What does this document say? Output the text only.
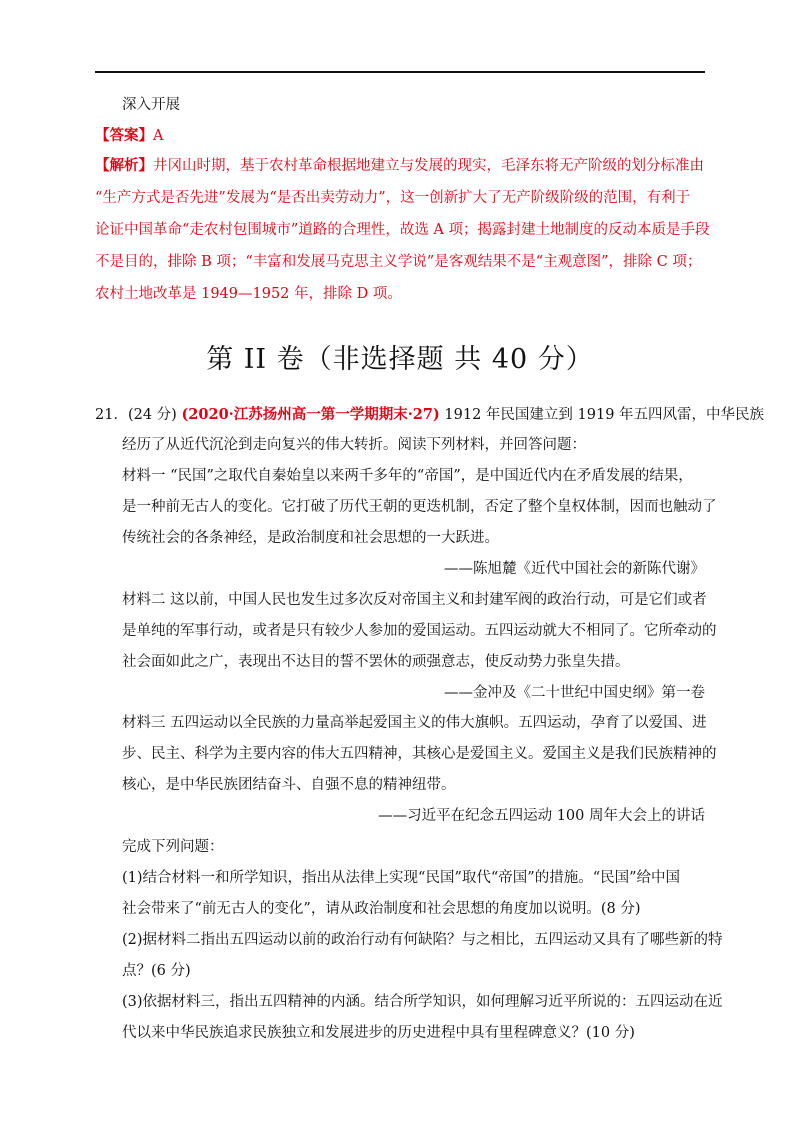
深入开展
【答案】A
【解析】井冈山时期，基于农村革命根据地建立与发展的现实，毛泽东将无产阶级的划分标准由
“生产方式是否先进”发展为“是否出卖劳动力”，这一创新扩大了无产阶级阶级的范围，有利于
论证中国革命“走农村包围城市”道路的合理性，故选 A 项；揭露封建土地制度的反动本质是手段
不是目的，排除 B 项；“丰富和发展马克思主义学说”是客观结果不是“主观意图”，排除 C 项；
农村土地改革是 1949—1952 年，排除 D 项。
第 II 卷（非选择题 共 40 分）
21．(24 分) (2020·江苏扬州高一第一学期期末·27) 1912 年民国建立到 1919 年五四风雷，中华民族
经历了从近代沉沦到走向复兴的伟大转折。阅读下列材料，并回答问题：
材料一 “民国”之取代自秦始皇以来两千多年的“帝国”，是中国近代内在矛盾发展的结果，
是一种前无古人的变化。它打破了历代王朝的更迭机制，否定了整个皇权体制，因而也触动了
传统社会的各条神经，是政治制度和社会思想的一大跃进。
——陈旭麓《近代中国社会的新陈代谢》
材料二 这以前，中国人民也发生过多次反对帝国主义和封建军阀的政治行动，可是它们或者
是单纯的军事行动，或者是只有较少人参加的爱国运动。五四运动就大不相同了。它所牵动的
社会面如此之广，表现出不达目的誓不罢休的顽强意志，使反动势力张皇失措。
——金冲及《二十世纪中国史纲》第一卷
材料三 五四运动以全民族的力量高举起爱国主义的伟大旗帜。五四运动，孕育了以爱国、进
步、民主、科学为主要内容的伟大五四精神，其核心是爱国主义。爱国主义是我们民族精神的
核心，是中华民族团结奋斗、自强不息的精神纽带。
——习近平在纪念五四运动 100 周年大会上的讲话
完成下列问题：
(1)结合材料一和所学知识，指出从法律上实现“民国”取代“帝国”的措施。“民国”给中国
社会带来了“前无古人的变化”，请从政治制度和社会思想的角度加以说明。(8 分)
(2)据材料二指出五四运动以前的政治行动有何缺陷？与之相比，五四运动又具有了哪些新的特
点？(6 分)
(3)依据材料三，指出五四精神的内涵。结合所学知识，如何理解习近平所说的：五四运动在近
代以来中华民族追求民族独立和发展进步的历史进程中具有里程碑意义？(10 分)
